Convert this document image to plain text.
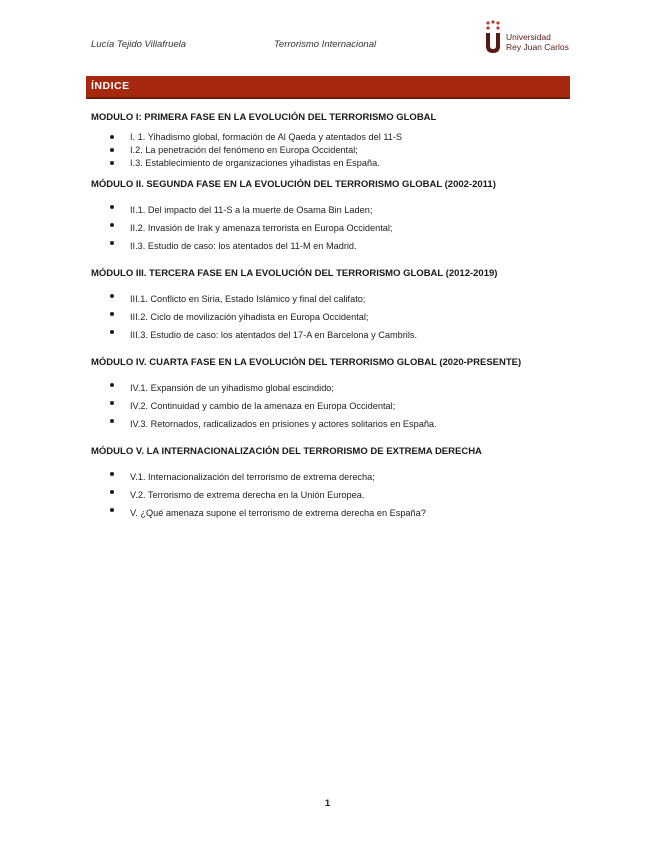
Lucía Tejido Villafruela	Terrorismo Internacional
Universidad
Rey Juan Carlos
ÍNDICE
MODULO I: PRIMERA FASE EN LA EVOLUCIÓN DEL TERRORISMO GLOBAL
I. 1. Yihadismo global, formación de Al Qaeda y atentados del 11-S
I.2. La penetración del fenómeno en Europa Occidental;
I.3. Establecimiento de organizaciones yihadistas en España.
MÓDULO II. SEGUNDA FASE EN LA EVOLUCIÓN DEL TERRORISMO GLOBAL (2002-2011)
II.1. Del impacto del 11-S a la muerte de Osama Bin Laden;
II.2. Invasión de Irak y amenaza terrorista en Europa Occidental;
II.3. Estudio de caso: los atentados del 11-M en Madrid.
MÓDULO III. TERCERA FASE EN LA EVOLUCIÓN DEL TERRORISMO GLOBAL (2012-2019)
III.1. Conflicto en Siria, Estado Islámico y final del califato;
III.2. Ciclo de movilización yihadista en Europa Occidental;
III.3. Estudio de caso: los atentados del 17-A en Barcelona y Cambrils.
MÓDULO IV. CUARTA FASE EN LA EVOLUCIÓN DEL TERRORISMO GLOBAL (2020-PRESENTE)
IV.1. Expansión de un yihadismo global escindido;
IV.2. Continuidad y cambio de la amenaza en Europa Occidental;
IV.3. Retornados, radicalizados en prisiones y actores solitarios en España.
MÓDULO V. LA INTERNACIONALIZACIÓN DEL TERRORISMO DE EXTREMA DERECHA
V.1. Internacionalización del terrorismo de extrema derecha;
V.2. Terrorismo de extrema derecha en la Unión Europea.
V. ¿Qué amenaza supone el terrorismo de extrema derecha en España?
1
